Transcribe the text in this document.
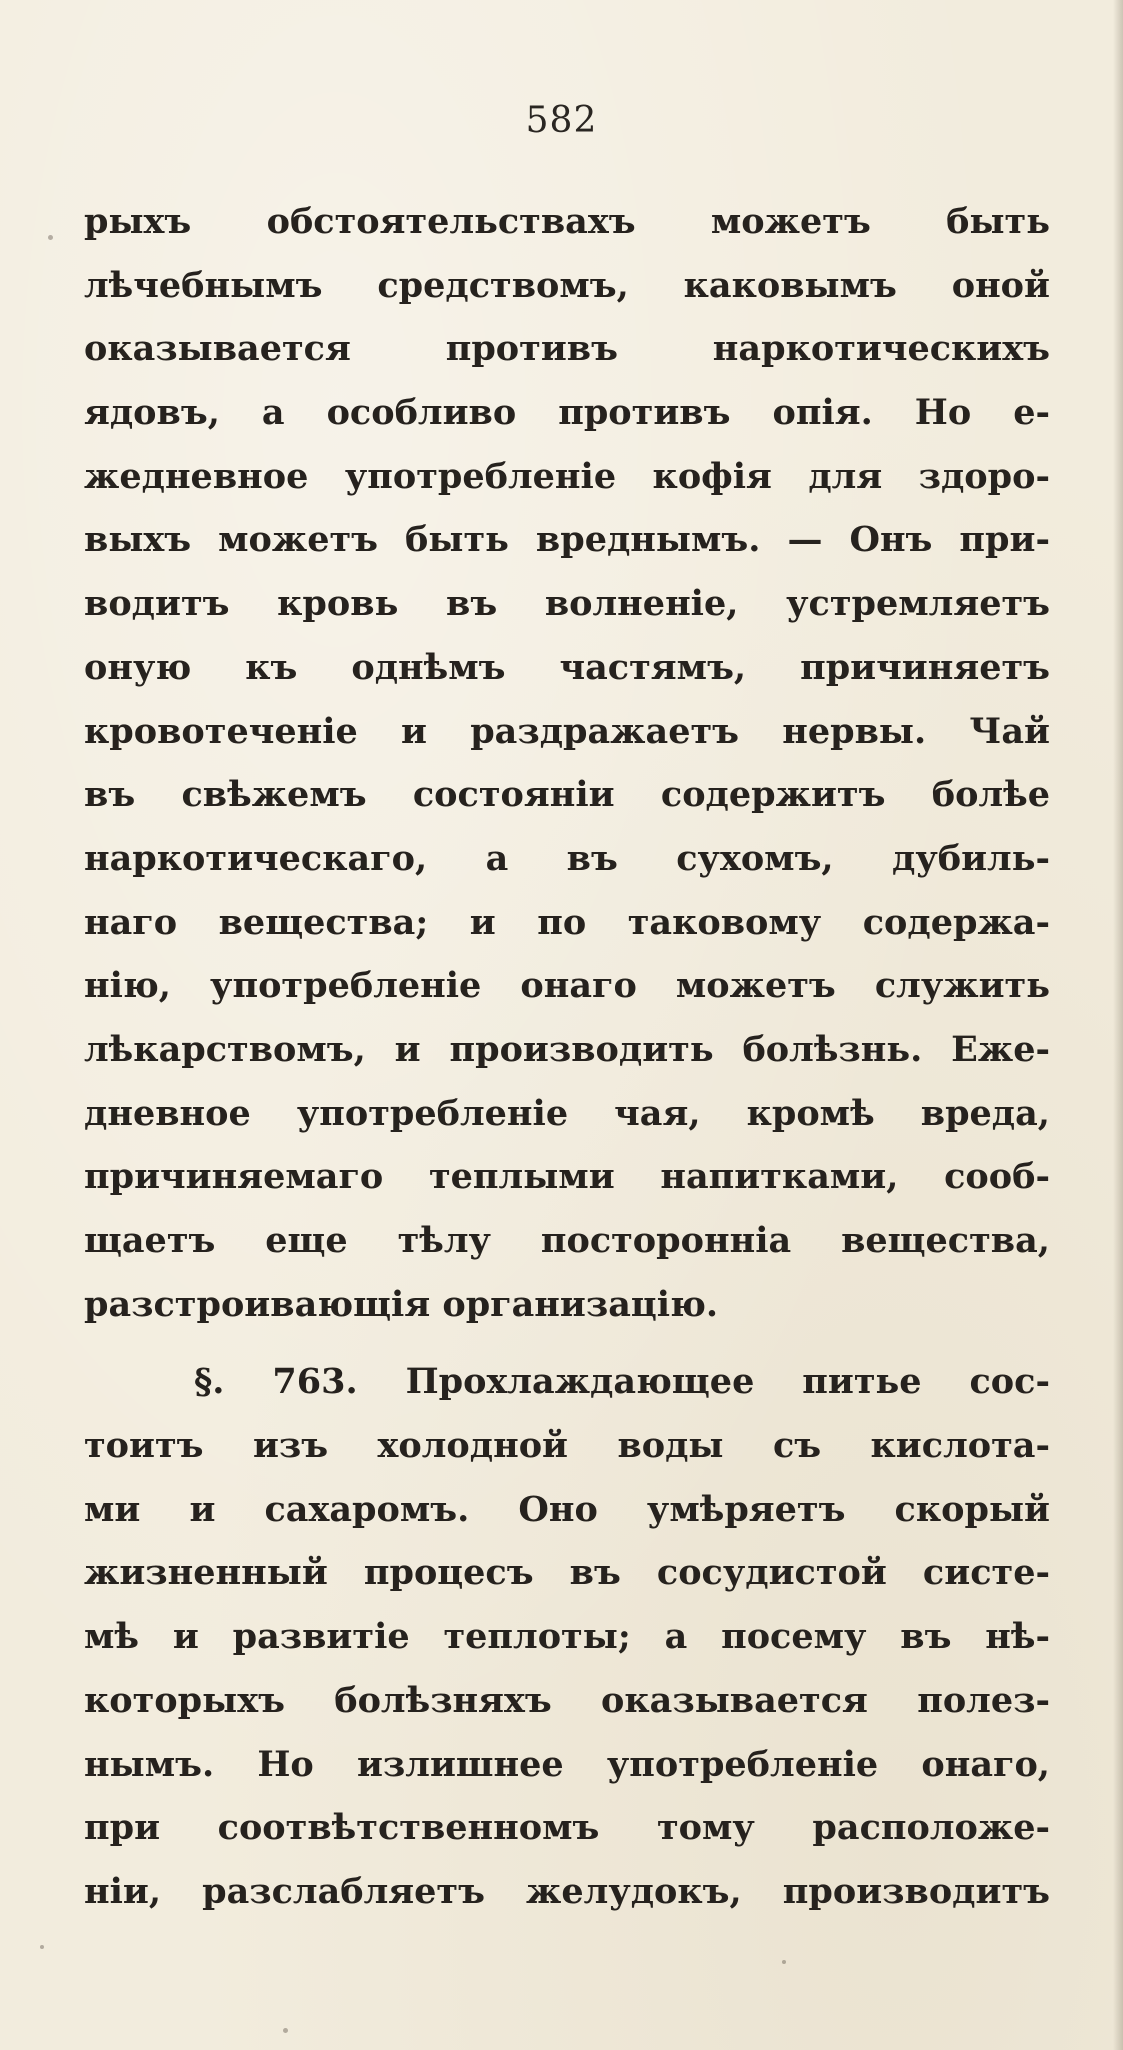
582
рыхъ обстоятельствахъ можетъ быть
лѣчебнымъ средствомъ, каковымъ оной
оказывается противъ наркотическихъ
ядовъ, а особливо противъ опія. Но е-
жедневное употребленіе кофія для здоро-
выхъ можетъ быть вреднымъ. — Онъ при-
водитъ кровь въ волненіе, устремляетъ
оную къ однѣмъ частямъ, причиняетъ
кровотеченіе и раздражаетъ нервы. Чай
въ свѣжемъ состояніи содержитъ болѣе
наркотическаго, а въ сухомъ, дубиль-
наго вещества; и по таковому содержа-
нію, употребленіе онаго можетъ служить
лѣкарствомъ, и производить болѣзнь. Еже-
дневное употребленіе чая, кромѣ вреда,
причиняемаго теплыми напитками, сооб-
щаетъ еще тѣлу посторонніа вещества,
разстроивающія организацію.
§. 763. Прохлаждающее питье сос-
тоитъ изъ холодной воды съ кислота-
ми и сахаромъ. Оно умѣряетъ скорый
жизненный процесъ въ сосудистой систе-
мѣ и развитіе теплоты; а посему въ нѣ-
которыхъ болѣзняхъ оказывается полез-
нымъ. Но излишнее употребленіе онаго,
при соотвѣтственномъ тому расположе-
ніи, разслабляетъ желудокъ, производитъ
